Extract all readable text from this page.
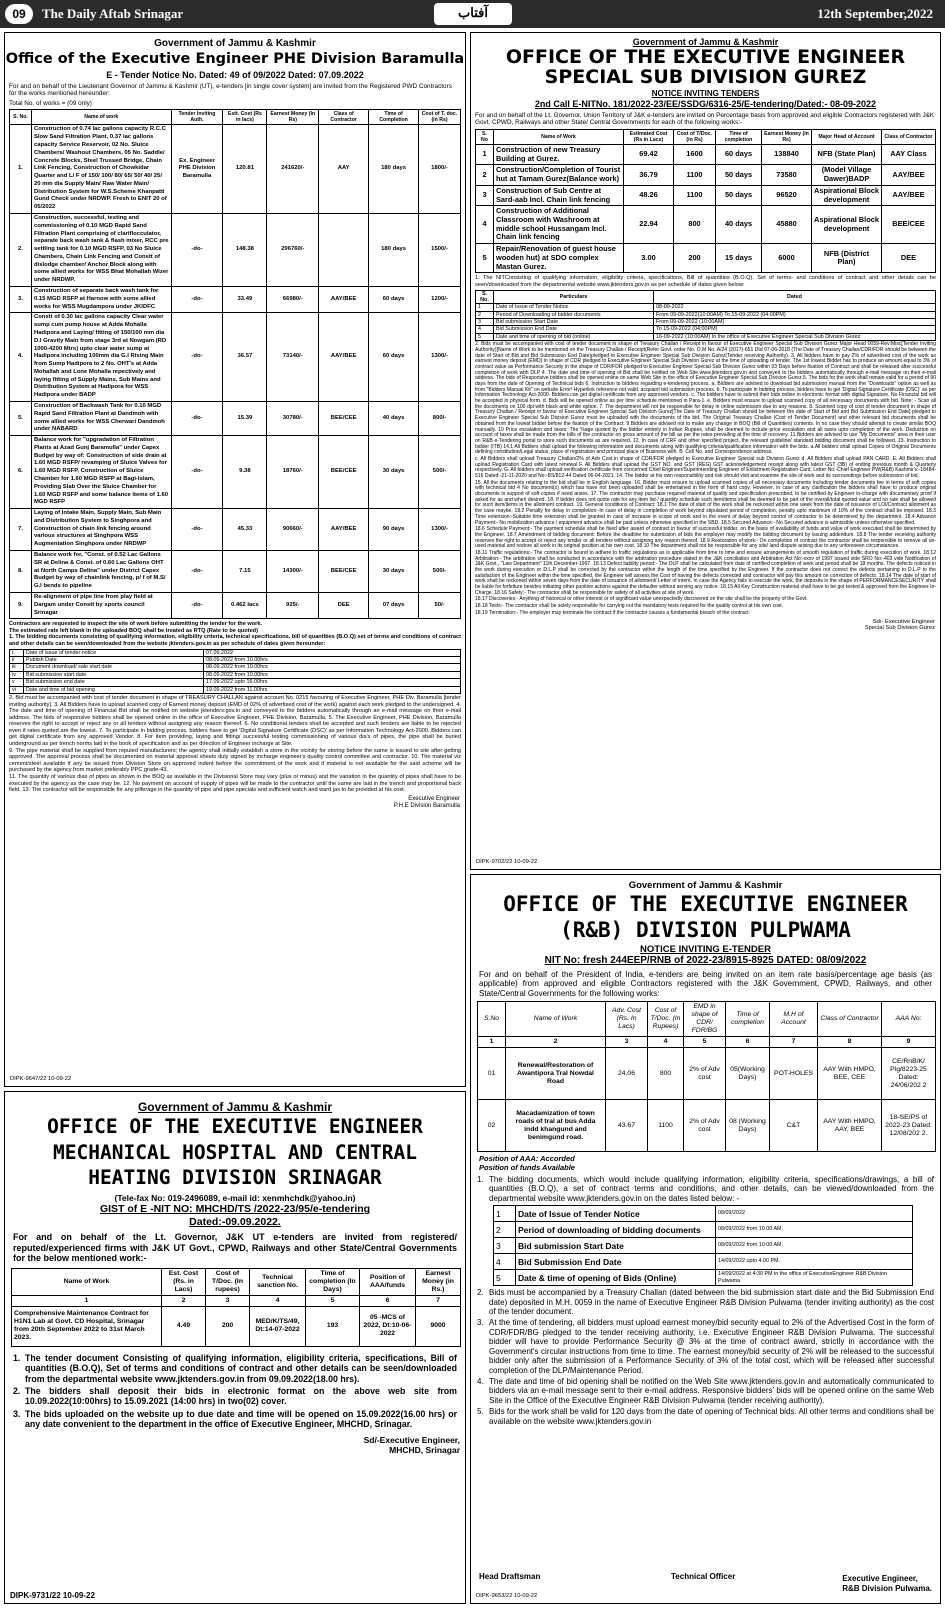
09	The Daily Aftab Srinagar	آفتاب	12th September,2022
Government of Jammu & Kashmir
Office of the Executive Engineer PHE Division Baramulla
E - Tender Notice No. Dated: 49 of 09/2022 Dated: 07.09.2022
For and on behalf of the Lieutenant Governor of Jammu & Kashmir (UT), e-tenders [in single cover system] are invited from the Registered PWD Contractors for the works mentioned hereunder:
Total No. of works = (09 only)
S. No.	Name of work	Tender Inviting Auth.	Estt. Cost (Rs in lacs)	Earnest Money (In Rs)	Class of Contractor	Time of Completion	Cost of T. doc. (in Rs)
1.	Construction of 0.74 lac gallons capacity R.C.C Slow Sand Filtration Plant, 0.37 lac gallons capacity Service Reservoir, 02 No. Sluice Chambers/ Washout Chambers, 05 No. Saddle/ Concrete Blocks, Steel Trussed Bridge, Chain Link Fencing, Construction of Chowkidar Quarter and L/ F of 150/ 100/ 80/ 65/ 50/ 40/ 25/ 20 mm dia Supply Main/ Raw Water Main/ Distribution System for W.S.Scheme Khanpatti Gund Check under NRDWP. Fresh to ENIT 20 of 05/2022	Ex. Engineer PHE Division Baramulla	120.81	241620/-	AAY	180 days	1800/-
2.	Construction, successful, testing and commissioning of 0.10 MGD Rapid Sand Filtration Plant comprising of clariflocculator, separate back wash tank & flash mixer, RCC pre settling tank for 0.10 MGD RSFP, 03 No Sluice Chambers, Chain Link Fencing and Constt of dislodge chamber/ Anchor Block along with some allied works for WSS Bhat Mohallah Wizer under NRDWP.	-do-	148.38	296760/-		180 days	1500/-
3.	Construction of separate back wash tank for 0.15 MGD RSFP at Harnow with some allied works for WSS Mugdampora under JKIDFC	-do-	33.49	66980/-	AAY/BEE	60 days	1200/-
4.	Constt of 0.30 lac gallons capacity Clear water sump cum pump house at Adda Mohalla Hadipora and Laying/ fitting of 150/100 mm dia D.I Gravity Main from stage 3rd at Nowgam (RD 1000-4200 Mtrs) upto clear water sump at Hadipora including 100mm dia G.I Rising Main from Sump Hadipora to 2 No. OHT's at Adda Mohallah and Lone Mohalla repectively and laying fitting of Supply Mains, Sub Mains and Distribution System at Hadipora for WSS Hadipora under BADP	-do-	36.57	73140/-	AAY/BEE	60 days	1300/-
5.	Construction of Backwash Tank for 0.10 MGD Rapid Sand Filtration Plant at Dandmoh with some allied works for WSS Cherwari Dandmoh under NABARD	-do-	15.39	30780/-	BEE/CEE	40 days	800/-
6.	Balance work for "upgradation of Filtration Plants at Azad Gunj Baramulla" under Capex Budget by way of: Construction of side drain at 1.60 MGD RSFP/ revamping of Sluice Valves for 1.60 MGD RSFP, Construction of Sluice Chamber for 1.60 MGD RSFP at Bagi-Islam, Providing Slab Over the Sluice Chamber for 1.60 MGD RSFP and some balance items of 1.60 MGD RSFP	-do-	9.38	18760/-	BEE/CEE	30 days	500/-
7.	Laying of Intake Main, Supply Main, Sub Main and Distribution System to Singhpora and Construction of chain link fencing around various structures at Singhpora WSS Augmentation Singhpora under NRDWP	-do-	45.33	90660/-	AAY/BEE	90 days	1300/-
8.	Balance work for, "Const. of 0.52 Lac Gallons SR at Delina & Const. of 0.60 Lac Gallons OHT at North Camps Delina" under District Capex Budget by way of chainlink fencing, p/ f of M.S/ G.I bends to pipeline	-do-	7.15	14300/-	BEE/CEE	30 days	500/-
9.	Re-alignment of pipe line from play field at Dargam under Constt by sports council Srinagar	-do-	0.462 lacs	925/-	DEE	07 days	50/-
Contractors are requested to inspect the site of work before submitting the tender for the work.
The estimated rate left blank in the uploaded BOQ shall be treated as RTQ (Rate to be quoted)
1. The bidding documents consisting of qualifying information, eligibility criteria, technical specifications, bill of quantities (B.O.Q) set of terms and conditions of contract and other details can be seen/downloaded from the website jktenders.gov.in as per schedule of dates given hereunder:
i.	Date of issue of tender notice	07.09.2022
ii	Publish Date	08.09.2022 from 10.00hrs
iii	Document download/ sale start date	08.09.2022 from 10.00hrs
iv	Bid submission start date	08.09.2022 from 10.00hrs
v	Bid submission end date	17.09.2022 upto 16.00hrs
vi	Date and time of bid opening	19.09.2022 from 11.00hrs
2. Bid must be accompanied with cost of tender document in shape of TREASURY CHALLAN against account No. 0215 favouring of Executive Engineer, PHE Div. Baramulla [tender inviting authority]. 3. All Bidders have to upload scanned copy of Earnest money deposit (EMD of 02% of advertised cost of the work) against each work pledged to the undersigned. 4. The date and time of opening of Financial Bid shall be notified on website jktenders.gov.in and conveyed to the bidders automatically through an e-mail message on their e-mail address. The bids of responsive bidders shall be opened online in the office of Executive Engineer, PHE Division, Baramulla. 5. The Executive Engineer, PHE Division, Baramulla reserves the right to accept or reject any or all tenders without assigning any reason thereof. 6. No conditional tenders shall be accepted and such tenders are liable to be rejected even if rates quoted are the lowest. 7. To participate in bidding process, bidders have to get 'Digital Signature Certificate (DSC)' as per Information Technology Act-2000. Bidders can get digital certificate from any approved Vendor. 8. For item providing, laying and fitting/ successful testing commissioning of various dia's of pipes, the pipe shall be buried underground as per trench norms laid in the book of specification and as per direction of Engineer incharge at Site.
9. The pipe material shall be supplied from reputed manufacturers; the agency shall initially establish a store in the vicinity for storing before the same is issued to site after getting approved. The approval process shall be documented on material approval sheets duly signed by incharge engineer's quality control committee and contractor. 10. The material viz cement/steel available if any be issued from Division Store on approved indent before the commitment of the work and if material is not available for the said scheme will be purchased by the agency from market preferably PPC grade-43.
11. The quantity of various dias of pipes as shown in the BOQ as available in the Divisional Store may vary (plus or minus) and the variation in the quantity of pipes shall have to be executed by the agency as the case may be. 12. No payment on account of supply of pipes will be made to the contractor until the same are laid in the trench and proportional back field. 13. The contractor will be responsible for any pilferage in the quantity of pipe and pipe specials and sufficient watch and ward jas to be provided at his cost.
Executive Engineer
P.H.E Division Baramulla
DIPK-9647/22 10-09-22
Government of Jammu & Kashmir
OFFICE OF THE EXECUTIVE ENGINEER SPECIAL SUB DIVISION GUREZ
NOTICE INVITING TENDERS
2nd Call E-NITNo. 181/2022-23/EE/SSDG/6316-25/E-tendering/Dated:- 08-09-2022
For and on behalf of the Lt. Governor, Union Territory of J&K e-tenders are invited on Percentage basis from approved and eligible Contractors registered with J&K Govt. CPWD, Railways and other State/ Central Governments for each of the following works:-
S. No	Name of Work	Estimated Cost (Rs in Lacs)	Cost of T/Doc. (in Rs)	Time of completion	Earnest Money (in Rs)	Major Head of Account	Class of Contractor
1	Construction of new Treasury Building at Gurez.	69.42	1600	60 days	138840	NFB (State Plan)	AAY Class
2	Construction/Completion of Tourist hut at Tamam Gurez(Balance work)	36.79	1100	50 days	73580	(Model Village Dawer)BADP	AAY/BEE
3	Construction of Sub Centre at Sard-aab Incl. Chain link fencing	48.26	1100	50 days	96520	Aspirational Block development	AAY/BEE
4	Construction of Additional Classroom with Washroom at middle school Hussangam Incl. Chain link fencing	22.94	800	40 days	45880	Aspirational Block development	BEE/CEE
5	Repair/Renovation of guest house wooden hut) at SDO complex Mastan Gurez.	3.00	200	15 days	6000	NFB (District Plan)	DEE
1. The NITConsisting of qualifying information, eligibility criteria, specifications, Bill of quantities (B.O.Q). Set of terms- and conditions of contract and other details can be seen/downloaded from the departmental website www.jktenders.gov.in as per schedule of dates given below:
S. No.	Particulars	Dated
1	Date of Issue of Tender Notice.	08-09-2022
2	Period of Downloading of bidder documents	From 09-09-2022(10:00AM) To 15-09-2022 (04:00PM)
3	Bid submission Start Date	From 09-09-2022 (10:00AM)
4	Bid Submission End Date	To 15-09-2022 (04:00PM)
5	Date and time of opening of bid (online)	16-09-2022 (10:00AM) In the office of Executive Engineer Special Sub Division Gurez
2. Bids must be accompanied with cost of tender document in shape of Treasury Challan / Receipt in favour of Executive Engineer Special Sub Division Gurez Major Head 0059-Rev:Misc[Tender Inviting Authority)]Name of Work to be mentioned on the Treasury Challan / Receipt(Refer Govt. order No. O.M No. A/24 (2017)-651 Dtd 07-06-2018 (The Date of Treasury Challan/CDR/FDR should be between the date of Start of Bid and Bid Submission End Date)pledged to Executive Engineer Special Sub Division Gurez(Tender receiving Authority). 3. All bidders have to pay 2% of advertised cost of the work as earnest money deposit (EMD) in shape of CDR pledged to Executive Engineer Special Sub Division Gurez at the time of uploading of tender. The 1st lowest Bidder has to produce an amount equal to 3% of contract value as Performance Security in the shape of CDR/FDR pledged to Executive Engineer Special Sub Division Gurez within 03 Days before fixation of Contract and shall be released after successful completion of work with DLP 4. The date and time of opening of Bid shall be notified on Web Site www.jktenders.gov.in and conveyed to the bidders automatically through e-mail message on their e-mail address. The bids of Responsive bidders shall be opened online on same Web Site in the office of Executive Engineer Special Sub Division Gurez.5. The bids for the work shall remain valid for a period of 90 days from the date of Opening of Technical bids 6. Instruction to bidders regarding e-tendering process. a. Bidders are advised to download bid submission manual from the "Downloads" option as well as from "Bidders Manual Kit" on website Error! Hyperlink reference not valid. acquaint bid submission process. b. To participate in bidding process, bidders have to get 'Digital Signature Certificate (DSC)' as per Information Technology Act-2000. Bidders can get digital certificate from any approved vendors. c. The bidders have to submit their bids online in electronic format with digital Signature. No Financial bid will be accepted in physical form. d. Bids will be opened online as per time schedule mentioned in Para-1. e. Bidders must ensure to upload scanned copy of all necessary documents with bid. Note: - Scan all the documents on 100 dpi with black and white option. 7. The department will not be responsible for delay in online submission due to any reasons. 8. Scanned copy of cost of tender document in shape of Treasury Challan / Receipt in favour of Executive Engineer Special Sub Division Gurez[The Date of Treasury Challan should be between the date of Start of Bid and Bid Submission End Date] pledged to Executive Engineer Special Sub Division Gurez must be uploaded with the documents of the bid. The Original Treasury Challan (Cost of Tender Document) and other relevant bid documents shall be obtained from the lowest bidder before the fixation of the Contract. 9 Bidders are advised not to make any change in BOQ (Bill of Quantities) contents. In no case they should attempt to create similar BOQ manually. 10 Price escalation and taxes: The %age quoted by the bidder entirely in Indian Rupees, shall be deemed to include price escalation and all taxes upto completion of the work. Deduction on account of taxes shall be made from the bills of the contractor on gross amount of the bill as per the rates prevailing at the time of recovery. 11 Bidders are advised to use "My Documents" area in their user on R&B e-Tendering portal to store such documents as are required. 12. In case of CRF and other specified project, the relevant guideline/ standard bidding document shall be followed. 13. Instruction to bidder (ITB) 14.1 All Bidders shall upload the following information and documents along with qualifying criteria/qualification information with the bids. a.All bidders shall upload Copies of Original Documents defining constitution/Legal status, place of registration and principal place of Business with. B. Cell No. and Correspondence address.
c. All Bidders shall upload Treasury Challan/2% of Adv Cost.in shape of CDR/FDR pledged to Executive Engineer Special sub Division Gurez d. All Bidders shall upload PAN CARD. E. All Bidders shall upload Registration Card with latest renewal F. All Bidders shall upload the GST NO. and GST (REG) GST acknowledgement receipt along with latest GST (3B) of ending previous month & Quarterly respectively. G. All bidders shall upload verification certificate from concerned Chief Engineer/Superintending Engineer of Enlistment Registration Card. Letter No:-Chief Engineer PW(R&B) Kashmir's:-18484-516 Dated:-21-11-2020 and No:-BS/812-44 Dated 06-04-2021. 14. The bidder at his own responsibility and risk should visit and examine the site of work and its surroundings before submission of bid.
15. All the documents relating to the bid shall be in English language. 16. Bidder must ensure to upload scanned copies of all necessary documents including tender documents fee in terms of soft copies with technical bid 4 No document(s) which has have not been uploaded shall be entertained in the form of hard copy. However, in case of any clarification the bidders shall have to produce original documents in support of soft copies if need arises. 17. The contractor may purchase required material of quality and specification prescribed, to be certified by Engineer in-charge with documentary proof if asked for as and when desired. 18. If bidder does not quote rate for any item list / quantity schedule such item/items shall be deemed to be part of the overall/total quoted value and no rate shall be allowed for such item/items in the allotment contract. 19. General conditions of Contract: 18.1 The date of start of the work shall be reckoned within one week from the date of issuance of LOI/Contract allotment as the case maybe. 18.2 Penalty for delay in completion:-In case of delay in completion of work beyond stipulated period of completion, penalty upto maximum of 10% of the contract shall be imposed. 18.3 Time extension:-Suitable time extension shall be granted in case of increase in scope of work and in the event of delay beyond control of contractor to be determined by the department. 18.4 Advance Payment:- No mobilization advance / equipment advance shall be paid unless otherwise specified in the SBD. 18.5 Secured Advance:- No Secured advance is admissible unless otherwise specified.
18.6 Schedule Payment:- The payment schedule shall be fixed after award of contract in favour of successful bidder, on the basis of availability of funds and value of work executed shall be determined by the Engineer. 18.7 Amendment of bidding document: Before the deadline for submission of bids the employer may modify the bidding document by issuing addendum. 18.8 The tender receiving authority reserves the right to accept or reject any tender or all tenders without assigning any reason thereof. 18.9 Restoration of work:- On completion of contract the contractor shall be responsible to remove all un-used material and restore all work in its original position at his own cost. 18.10 The department shall not be responsible for any site/ land dispute arising due to any unforeseen circumstances.
18.11 Traffic regulations:- The contractor is bound to adhere to traffic regulations as is applicable from time to time and ensure arrangements of smooth regulation of traffic during execution of work. 18.12 Arbitration:- The arbitration shall be conducted in accordance with the arbitration procedure stated in the J&K conciliation and Arbitration Act No:-xxxv of 1997 issued vide SRO No:-403 vide Notification of J&K Govt., "Law Department" 11th December-1997. 18.13 Defect liability period:- The DLP shall be calculated from date of certified completion of work and period shall be 18 months. The defects noticed in the work during execution or D.L.P shall be corrected by the contractor within the length of the time specified by the Engineer. If the contractor does not correct the defects pertaining to D.L.P to the satisfaction of the Engineer within the time specified, the Engineer will assess the Cost of having the defects corrected and contractor will pay this amount on correction of defects. 18.14 The date of start of work shall be reckoned within seven days from the date of issuance of allotment/ Letter of intent. In case the Agency fails to execute the work, the deposits in the shape of PERFORMANCESECURITY shall be liable for forfeiture besides initiating other punitive actions against the defaulter without serving any notice. 18.15 All Key Construction material shall have to be got tested & approved from the Engineer In-Charge. 18.16 Safety:- The contractor shall be responsible for safety of all activities at site of work.
18.17 Discoveries:- Anything of historical or other interest or of significant value unexpectedly discovered on the site shall be the property of the Govt.
18.18 Tests:- The contractor shall be solely responsible for carrying out the mandatory tests required for the quality control at his own cost.
18.19 Termination:- The employer may terminate the contract if the contractor causes a fundamental breach of the contract.
Sd/- Executive Engineer
Special Sub Division Gurez
DIPK-9702/22 10-09-22
Government of Jammu & Kashmir
OFFICE OF THE EXECUTIVE ENGINEER (R&B) DIVISION PULPWAMA
NOTICE INVITING E-TENDER
NIT No: fresh 244EEP/RNB of 2022-23/8915-8925 DATED: 08/09/2022
For and on behalf of the President of India, e-tenders are being invited on an item rate basis/percentage age basis (as applicable) from approved and eligible Contractors registered with the J&K Government, CPWD, Railways, and other State/Central Governments for the following works:
S.No	Name of Work	Adv. Cost (Rs. In Lacs)	Cost of T/Doc. (In Rupees)	EMD in shape of CDR/ FDR/BG	Time of completion	M.H of Account	Class of Contractor	AAA No:
1	2	3	4	5	6	7	8	9
01	Renewal/Restoration of Awantipora Tral Nowdal Road	24.06	800	2% of Adv cost	05(Working Days)	POT-HOLES	AAY With HMPO, BEE, CEE	CE/RnB/K/ Plg/8223-25 Dated: 24/06/202 2
02	Macadamization of town roads of tral at bus Adda indd khangund and benimgund road.	43.67	1100	2% of Adv cost	08 (Working Days)	C&T	AAY With HMPO, AAY, BEE	18-SE/PS of 2022-23 Dated: 12/08/202 2.
Position of AAA: Accorded
Position of funds Available
1. The bidding documents, which would include qualifying information, eligibility criteria, specifications/drawings, a bill of quantities (B.O.Q), a set of contract terms and conditions, and other details, can be viewed/downloaded from the departmental website www.jktenders.gov.in on the dates listed below: -
1	Date of Issue of Tender Notice	08/09/2022
2	Period of downloading of bidding documents	08/09/2022 from 10.00 AM.
3	Bid submission Start Date	08/09/2022 from 10:00 AM.
4	Bid Submission End Date	14/09/2022 upto 4.00 PM.
5	Date & time of opening of Bids (Online)	14/09/2022 at 4:30 PM in the office of ExecutiveEngineer R&B Division Pulwama
2. Bids must be accompanied by a Treasury Challan (dated between the bid submission start date and the Bid Submission End date) deposited in M.H. 0059 in the name of Executive Engineer R&B Division Pulwama (tender inviting authority) as the cost of the tender document.
3. At the time of tendering, all bidders must upload earnest money/bid security equal to 2% of the Advertised Cost in the form of CDR/FDR/BG pledged to the tender receiving authority, i.e. Executive Engineer R&B Division Pulwama. The successful bidder will have to provide Performance Security @ 3% at the time of contract award, strictly in accordance with the Government's circular instructions from time to time. The earnest money/bid security of 2% will be released to the successful bidder only after the submission of a Performance Security of 3% of the total cost, which will be released after successful completion of the DLP/Maintenance Period.
4. The date and time of bid opening shall be notified on the Web Site www.jktenders.gov.in and automatically communicated to bidders via an e-mail message sent to their e-mail address. Responsive bidders' bids will be opened online on the same Web Site in the Office of the Executive Engineer R&B Division Pulwama (tender receiving authority).
5. Bids for the work shall be valid for 120 days from the date of opening of Technical bids. All other terms and conditions shall be available on the website www.jktenders.gov.in
Head Draftsman	Technical Officer	Executive Engineer,
R&B Division Pulwama.
DIPK-9653/22 10-09-22
Government of Jammu & Kashmir
OFFICE OF THE EXECUTIVE ENGINEER MECHANICAL HOSPITAL AND CENTRAL HEATING DIVISION SRINAGAR
(Tele-fax No: 019-2496089, e-mail id: xenmhchdk@yahoo.in)
GIST of E -NIT NO: MHCHD/TS /2022-23/95/e-tendering
Dated:-09.09.2022.
For and on behalf of the Lt. Governor, J&K UT e-tenders are invited from registered/ reputed/experienced firms with J&K UT Govt., CPWD, Railways and other State/Central Governments for the below mentioned work:-
Name of Work	Est. Cost (Rs. in Lacs)	Cost of T/Doc. (In rupees)	Technical sanction No.	Time of completion (In Days)	Position of AAA/funds	Earnest Money (in Rs.)
1	2	3	4	5	6	7
Comprehensive Maintenance Contract for H1N1 Lab at Govt. CD Hospital, Srinagar from 20th September 2022 to 31st March 2023.	4.49	200	MED/K/TS/49, Dt:14-07-2022	193	05 -MCS of 2022, Dt:10-06-2022	9000
1. The tender document Consisting of qualifying information, eligibility criteria, specifications, Bill of quantities (B.O.Q), Set of terms and conditions of contract and other details can be seen/downloaded from the departmental website www.jktenders.gov.in from 09.09.2022(18.00 hrs).
2. The bidders shall deposit their bids in electronic format on the above web site from 10.09.2022(10:00hrs) to 15.09.2021 (14:00 hrs) in two(02) cover.
3. The bids uploaded on the website up to due date and time will be opened on 15.09.2022(16.00 hrs) or any date convenient to the department in the office of Executive Engineer, MHCHD, Srinagar.
Sd/-Executive Engineer,
MHCHD, Srinagar
DIPK-9731/22 10-09-22
